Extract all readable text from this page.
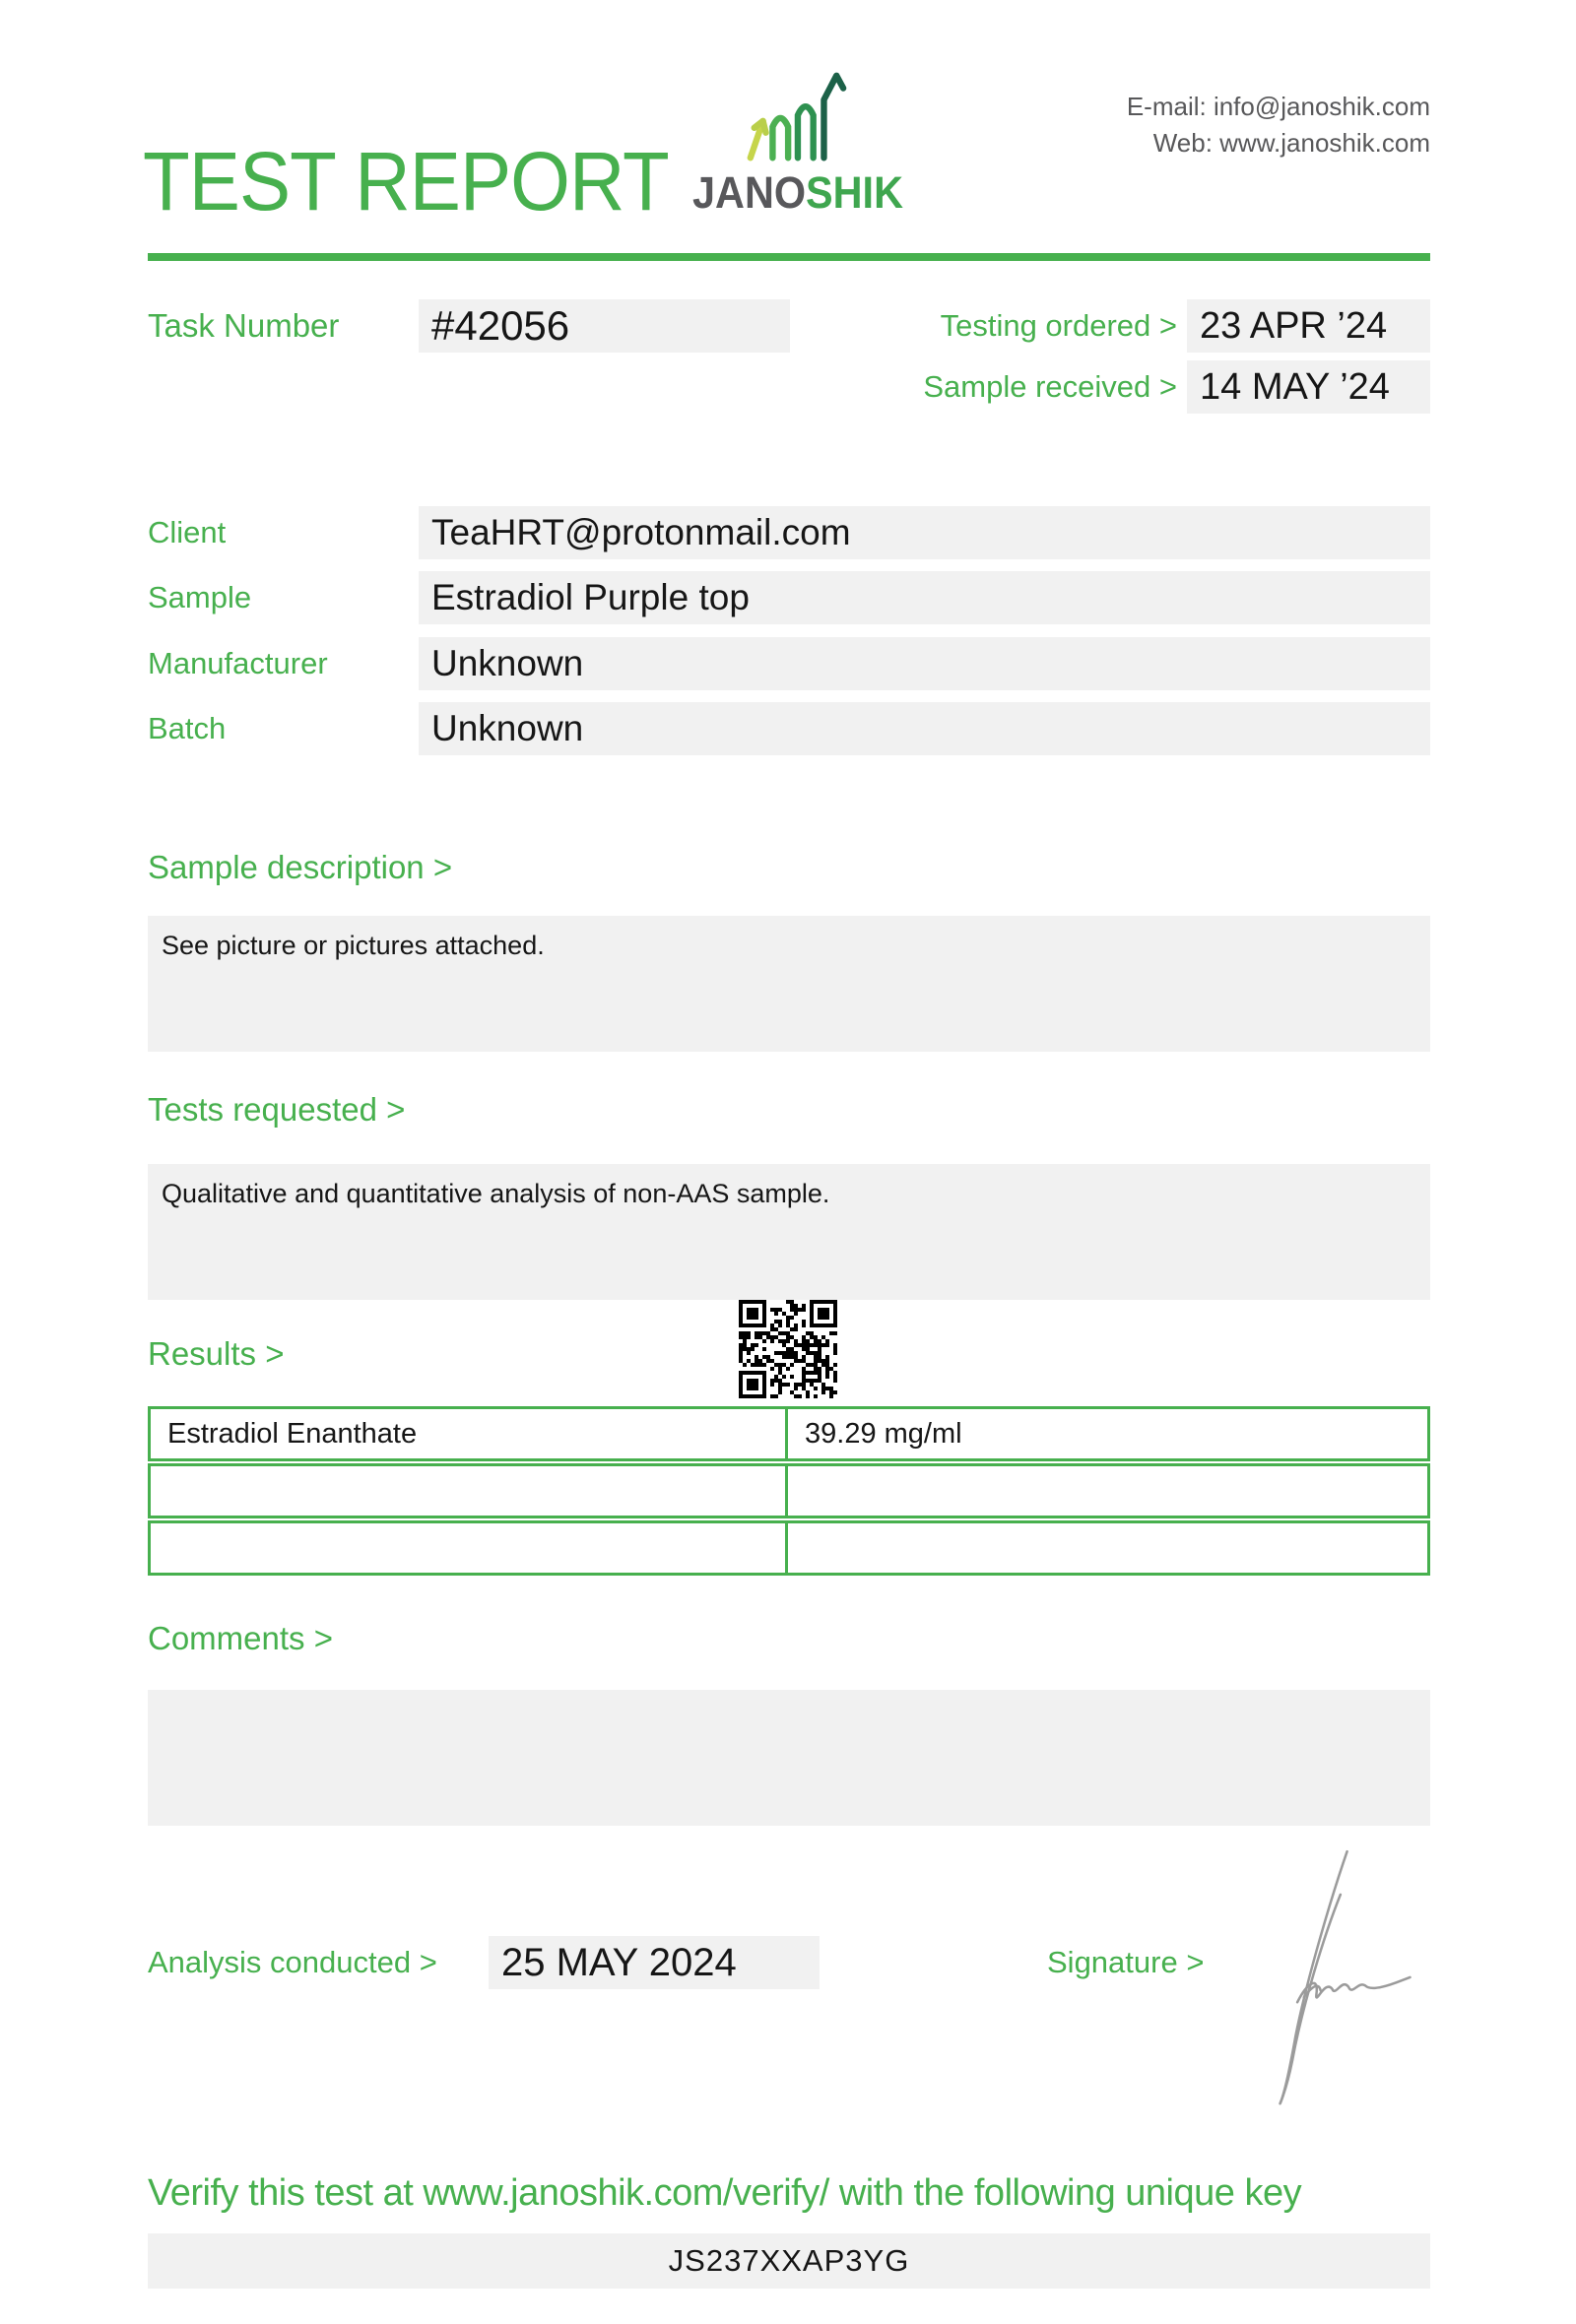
TEST REPORT JANOSHIK
E-mail: info@janoshik.com
Web: www.janoshik.com
Task Number	#42056	Testing ordered > 23 APR ’24
Sample received > 14 MAY ’24
Client	TeaHRT@protonmail.com
Sample	Estradiol Purple top
Manufacturer	Unknown
Batch	Unknown
Sample description >
See picture or pictures attached.
Tests requested >
Qualitative and quantitative analysis of non-AAS sample.
Results >
Estradiol Enanthate	39.29 mg/ml
Comments >
Analysis conducted >	25 MAY 2024	Signature >
Verify this test at www.janoshik.com/verify/ with the following unique key
JS237XXAP3YG
